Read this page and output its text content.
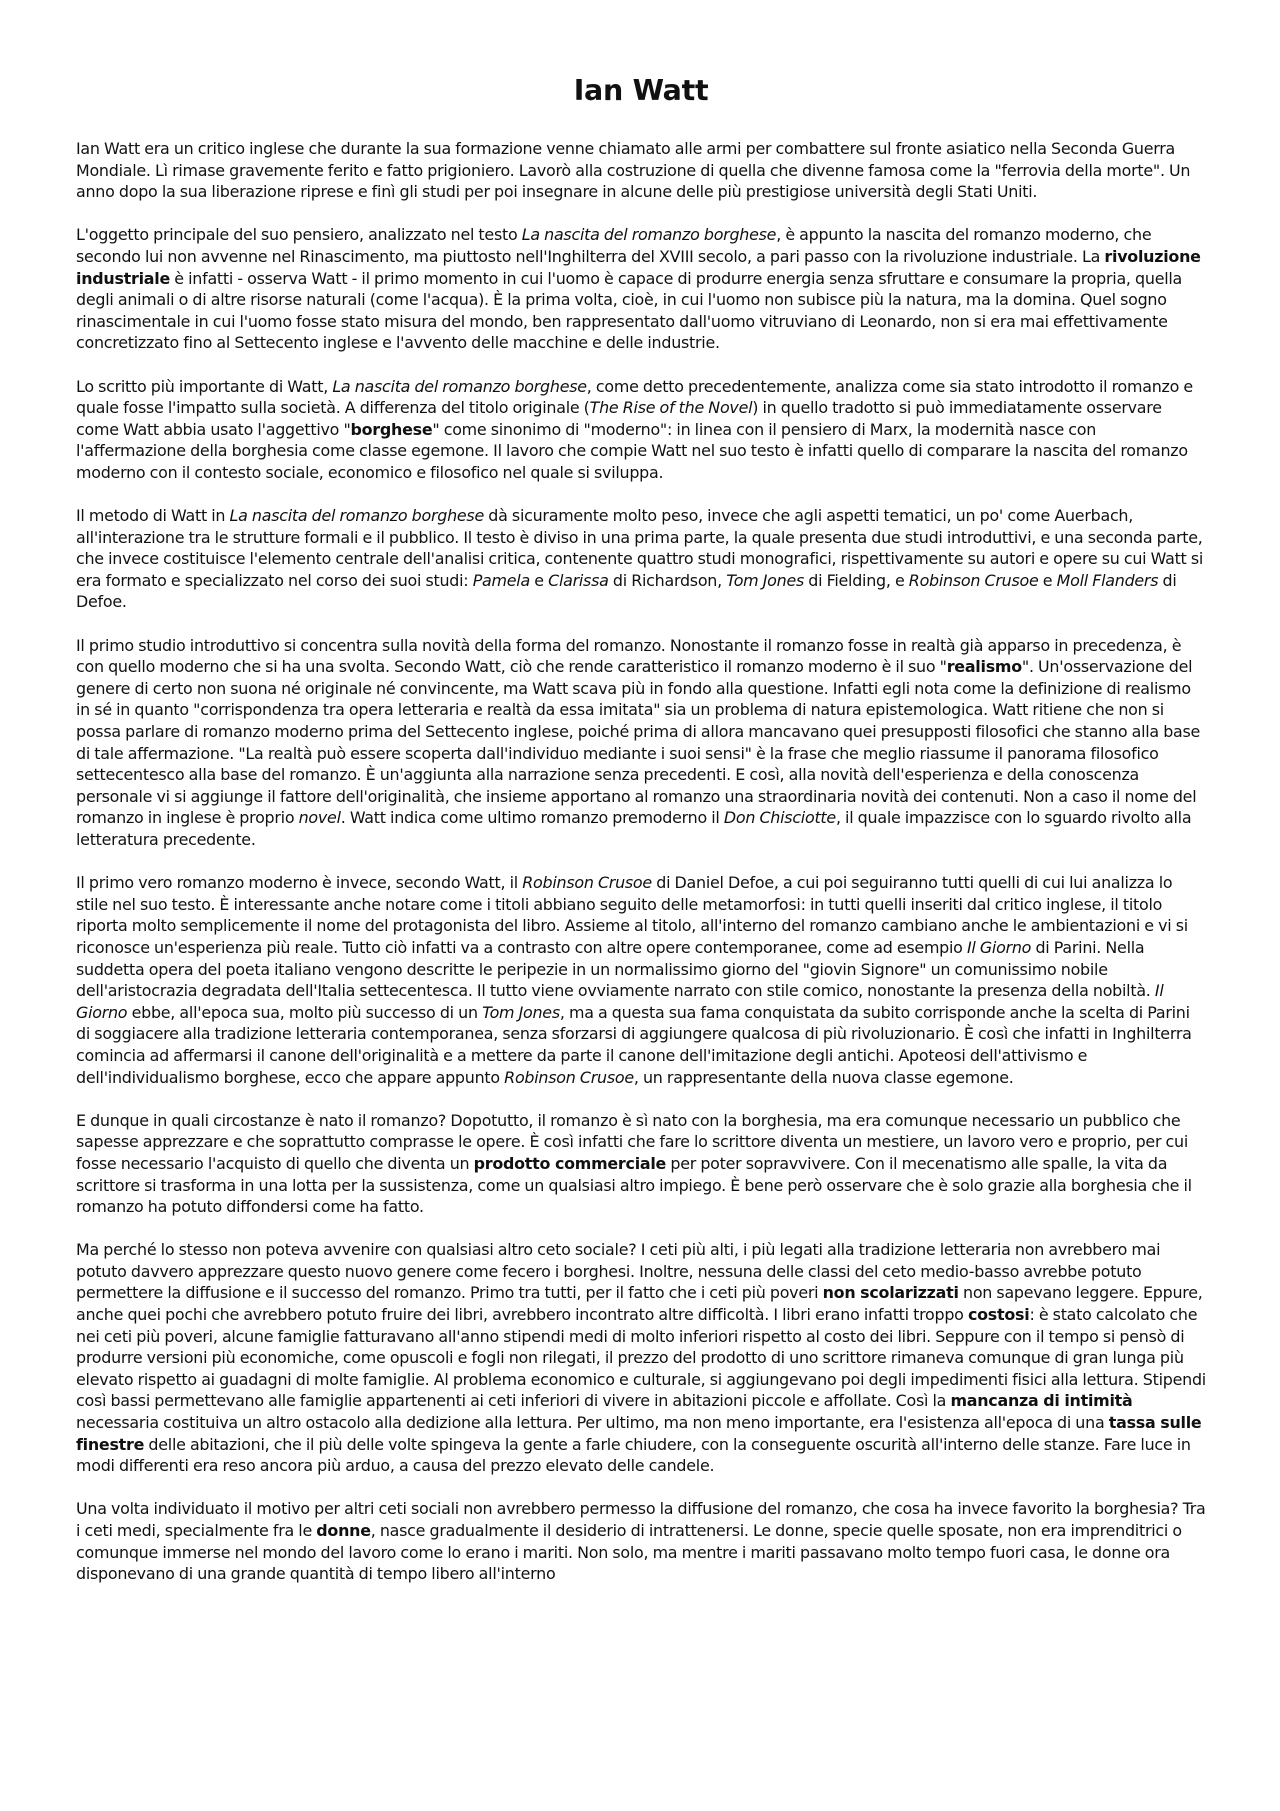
Ian Watt

Ian Watt era un critico inglese che durante la sua formazione venne chiamato alle armi per combattere sul fronte asiatico nella Seconda Guerra Mondiale. Lì rimase gravemente ferito e fatto prigioniero. Lavorò alla costruzione di quella che divenne famosa come la "ferrovia della morte". Un anno dopo la sua liberazione riprese e finì gli studi per poi insegnare in alcune delle più prestigiose università degli Stati Uniti.

L'oggetto principale del suo pensiero, analizzato nel testo La nascita del romanzo borghese, è appunto la nascita del romanzo moderno, che secondo lui non avvenne nel Rinascimento, ma piuttosto nell'Inghilterra del XVIII secolo, a pari passo con la rivoluzione industriale. La rivoluzione industriale è infatti - osserva Watt - il primo momento in cui l'uomo è capace di produrre energia senza sfruttare e consumare la propria, quella degli animali o di altre risorse naturali (come l'acqua). È la prima volta, cioè, in cui l'uomo non subisce più la natura, ma la domina. Quel sogno rinascimentale in cui l'uomo fosse stato misura del mondo, ben rappresentato dall'uomo vitruviano di Leonardo, non si era mai effettivamente concretizzato fino al Settecento inglese e l'avvento delle macchine e delle industrie.

Lo scritto più importante di Watt, La nascita del romanzo borghese, come detto precedentemente, analizza come sia stato introdotto il romanzo e quale fosse l'impatto sulla società. A differenza del titolo originale (The Rise of the Novel) in quello tradotto si può immediatamente osservare come Watt abbia usato l'aggettivo "borghese" come sinonimo di "moderno": in linea con il pensiero di Marx, la modernità nasce con l'affermazione della borghesia come classe egemone. Il lavoro che compie Watt nel suo testo è infatti quello di comparare la nascita del romanzo moderno con il contesto sociale, economico e filosofico nel quale si sviluppa.

Il metodo di Watt in La nascita del romanzo borghese dà sicuramente molto peso, invece che agli aspetti tematici, un po' come Auerbach, all'interazione tra le strutture formali e il pubblico. Il testo è diviso in una prima parte, la quale presenta due studi introduttivi, e una seconda parte, che invece costituisce l'elemento centrale dell'analisi critica, contenente quattro studi monografici, rispettivamente su autori e opere su cui Watt si era formato e specializzato nel corso dei suoi studi: Pamela e Clarissa di Richardson, Tom Jones di Fielding, e Robinson Crusoe e Moll Flanders di Defoe.

Il primo studio introduttivo si concentra sulla novità della forma del romanzo. Nonostante il romanzo fosse in realtà già apparso in precedenza, è con quello moderno che si ha una svolta. Secondo Watt, ciò che rende caratteristico il romanzo moderno è il suo "realismo". Un'osservazione del genere di certo non suona né originale né convincente, ma Watt scava più in fondo alla questione. Infatti egli nota come la definizione di realismo in sé in quanto "corrispondenza tra opera letteraria e realtà da essa imitata" sia un problema di natura epistemologica. Watt ritiene che non si possa parlare di romanzo moderno prima del Settecento inglese, poiché prima di allora mancavano quei presupposti filosofici che stanno alla base di tale affermazione. "La realtà può essere scoperta dall'individuo mediante i suoi sensi" è la frase che meglio riassume il panorama filosofico settecentesco alla base del romanzo. È un'aggiunta alla narrazione senza precedenti. E così, alla novità dell'esperienza e della conoscenza personale vi si aggiunge il fattore dell'originalità, che insieme apportano al romanzo una straordinaria novità dei contenuti. Non a caso il nome del romanzo in inglese è proprio novel. Watt indica come ultimo romanzo premoderno il Don Chisciotte, il quale impazzisce con lo sguardo rivolto alla letteratura precedente.

Il primo vero romanzo moderno è invece, secondo Watt, il Robinson Crusoe di Daniel Defoe, a cui poi seguiranno tutti quelli di cui lui analizza lo stile nel suo testo. È interessante anche notare come i titoli abbiano seguito delle metamorfosi: in tutti quelli inseriti dal critico inglese, il titolo riporta molto semplicemente il nome del protagonista del libro. Assieme al titolo, all'interno del romanzo cambiano anche le ambientazioni e vi si riconosce un'esperienza più reale. Tutto ciò infatti va a contrasto con altre opere contemporanee, come ad esempio Il Giorno di Parini. Nella suddetta opera del poeta italiano vengono descritte le peripezie in un normalissimo giorno del "giovin Signore" un comunissimo nobile dell'aristocrazia degradata dell'Italia settecentesca. Il tutto viene ovviamente narrato con stile comico, nonostante la presenza della nobiltà. Il Giorno ebbe, all'epoca sua, molto più successo di un Tom Jones, ma a questa sua fama conquistata da subito corrisponde anche la scelta di Parini di soggiacere alla tradizione letteraria contemporanea, senza sforzarsi di aggiungere qualcosa di più rivoluzionario. È così che infatti in Inghilterra comincia ad affermarsi il canone dell'originalità e a mettere da parte il canone dell'imitazione degli antichi. Apoteosi dell'attivismo e dell'individualismo borghese, ecco che appare appunto Robinson Crusoe, un rappresentante della nuova classe egemone.

E dunque in quali circostanze è nato il romanzo? Dopotutto, il romanzo è sì nato con la borghesia, ma era comunque necessario un pubblico che sapesse apprezzare e che soprattutto comprasse le opere. È così infatti che fare lo scrittore diventa un mestiere, un lavoro vero e proprio, per cui fosse necessario l'acquisto di quello che diventa un prodotto commerciale per poter sopravvivere. Con il mecenatismo alle spalle, la vita da scrittore si trasforma in una lotta per la sussistenza, come un qualsiasi altro impiego. È bene però osservare che è solo grazie alla borghesia che il romanzo ha potuto diffondersi come ha fatto.

Ma perché lo stesso non poteva avvenire con qualsiasi altro ceto sociale? I ceti più alti, i più legati alla tradizione letteraria non avrebbero mai potuto davvero apprezzare questo nuovo genere come fecero i borghesi. Inoltre, nessuna delle classi del ceto medio-basso avrebbe potuto permettere la diffusione e il successo del romanzo. Primo tra tutti, per il fatto che i ceti più poveri non scolarizzati non sapevano leggere. Eppure, anche quei pochi che avrebbero potuto fruire dei libri, avrebbero incontrato altre difficoltà. I libri erano infatti troppo costosi: è stato calcolato che nei ceti più poveri, alcune famiglie fatturavano all'anno stipendi medi di molto inferiori rispetto al costo dei libri. Seppure con il tempo si pensò di produrre versioni più economiche, come opuscoli e fogli non rilegati, il prezzo del prodotto di uno scrittore rimaneva comunque di gran lunga più elevato rispetto ai guadagni di molte famiglie. Al problema economico e culturale, si aggiungevano poi degli impedimenti fisici alla lettura. Stipendi così bassi permettevano alle famiglie appartenenti ai ceti inferiori di vivere in abitazioni piccole e affollate. Così la mancanza di intimità necessaria costituiva un altro ostacolo alla dedizione alla lettura. Per ultimo, ma non meno importante, era l'esistenza all'epoca di una tassa sulle finestre delle abitazioni, che il più delle volte spingeva la gente a farle chiudere, con la conseguente oscurità all'interno delle stanze. Fare luce in modi differenti era reso ancora più arduo, a causa del prezzo elevato delle candele.

Una volta individuato il motivo per altri ceti sociali non avrebbero permesso la diffusione del romanzo, che cosa ha invece favorito la borghesia? Tra i ceti medi, specialmente fra le donne, nasce gradualmente il desiderio di intrattenersi. Le donne, specie quelle sposate, non era imprenditrici o comunque immerse nel mondo del lavoro come lo erano i mariti. Non solo, ma mentre i mariti passavano molto tempo fuori casa, le donne ora disponevano di una grande quantità di tempo libero all'interno
